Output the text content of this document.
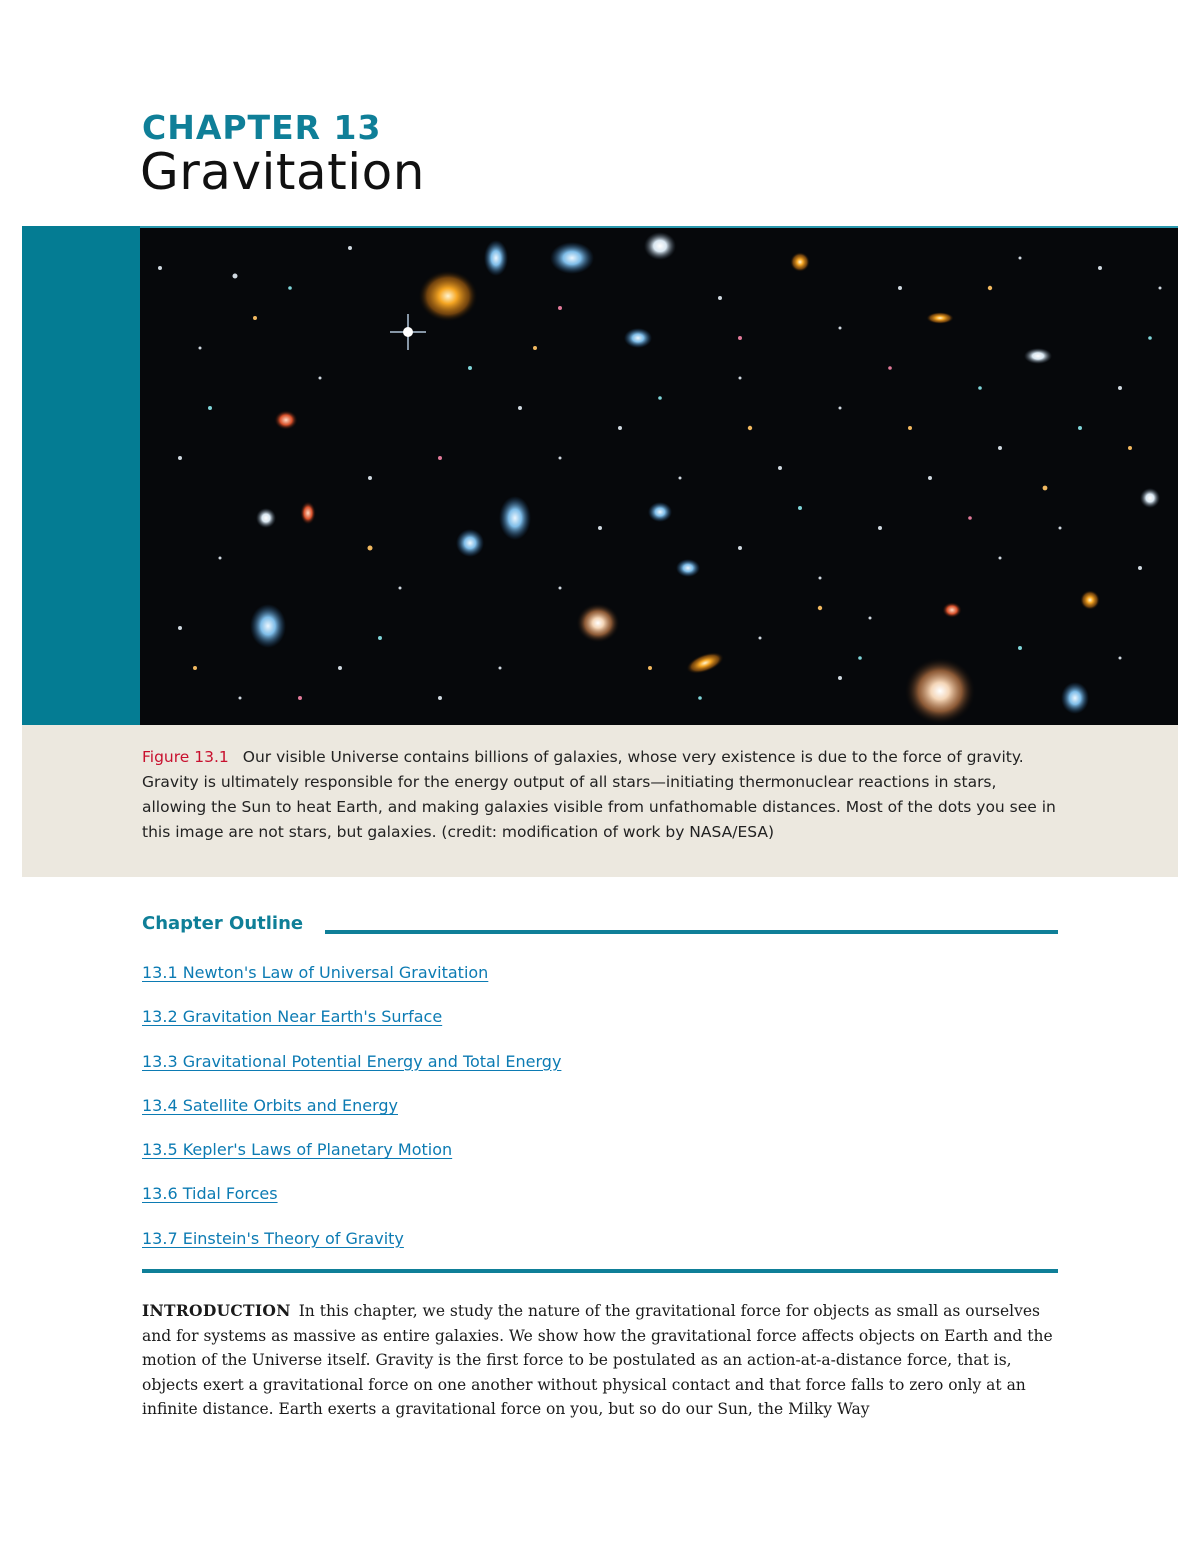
CHAPTER 13
Gravitation
Figure 13.1 Our visible Universe contains billions of galaxies, whose very existence is due to the force of gravity. Gravity is ultimately responsible for the energy output of all stars—initiating thermonuclear reactions in stars, allowing the Sun to heat Earth, and making galaxies visible from unfathomable distances. Most of the dots you see in this image are not stars, but galaxies. (credit: modification of work by NASA/ESA)
Chapter Outline
13.1 Newton's Law of Universal Gravitation
13.2 Gravitation Near Earth's Surface
13.3 Gravitational Potential Energy and Total Energy
13.4 Satellite Orbits and Energy
13.5 Kepler's Laws of Planetary Motion
13.6 Tidal Forces
13.7 Einstein's Theory of Gravity
INTRODUCTION In this chapter, we study the nature of the gravitational force for objects as small as ourselves and for systems as massive as entire galaxies. We show how the gravitational force affects objects on Earth and the motion of the Universe itself. Gravity is the first force to be postulated as an action-at-a-distance force, that is, objects exert a gravitational force on one another without physical contact and that force falls to zero only at an infinite distance. Earth exerts a gravitational force on you, but so do our Sun, the Milky Way
